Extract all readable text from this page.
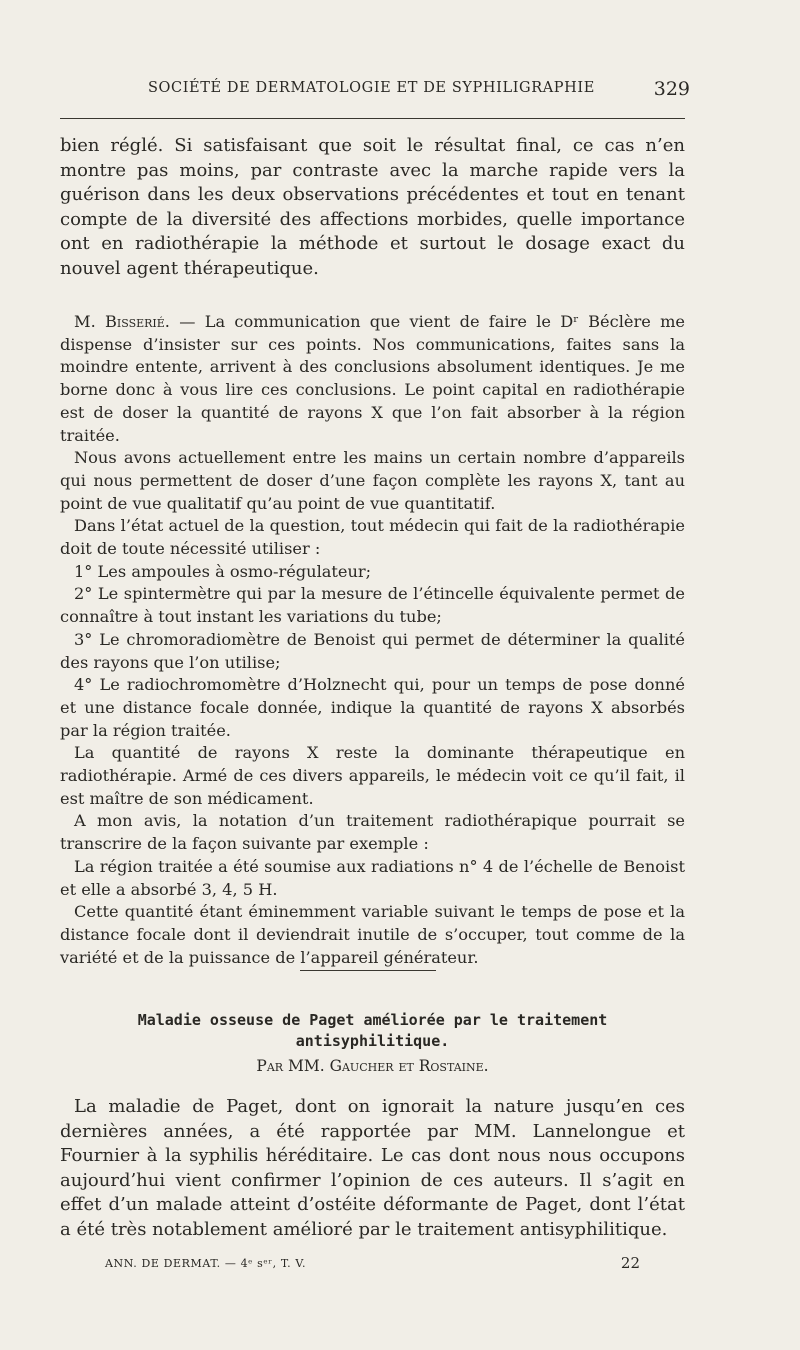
SOCIÉTÉ DE DERMATOLOGIE ET DE SYPHILIGRAPHIE	329

bien réglé. Si satisfaisant que soit le résultat final, ce cas n’en montre pas moins, par contraste avec la marche rapide vers la guérison dans les deux observations précédentes et tout en tenant compte de la diversité des affections morbides, quelle importance ont en radiothérapie la méthode et surtout le dosage exact du nouvel agent thérapeutique.

M. Bisserié. — La communication que vient de faire le Dʳ Béclère me dispense d’insister sur ces points. Nos communications, faites sans la moindre entente, arrivent à des conclusions absolument identiques. Je me borne donc à vous lire ces conclusions. Le point capital en radiothérapie est de doser la quantité de rayons X que l’on fait absorber à la région traitée.

Nous avons actuellement entre les mains un certain nombre d’appareils qui nous permettent de doser d’une façon complète les rayons X, tant au point de vue qualitatif qu’au point de vue quantitatif.

Dans l’état actuel de la question, tout médecin qui fait de la radiothérapie doit de toute nécessité utiliser :

1° Les ampoules à osmo-régulateur;

2° Le spintermètre qui par la mesure de l’étincelle équivalente permet de connaître à tout instant les variations du tube;

3° Le chromoradiomètre de Benoist qui permet de déterminer la qualité des rayons que l’on utilise;

4° Le radiochromomètre d’Holznecht qui, pour un temps de pose donné et une distance focale donnée, indique la quantité de rayons X absorbés par la région traitée.

La quantité de rayons X reste la dominante thérapeutique en radiothérapie. Armé de ces divers appareils, le médecin voit ce qu’il fait, il est maître de son médicament.

A mon avis, la notation d’un traitement radiothérapique pourrait se transcrire de la façon suivante par exemple :

La région traitée a été soumise aux radiations n° 4 de l’échelle de Benoist et elle a absorbé 3, 4, 5 H.

Cette quantité étant éminemment variable suivant le temps de pose et la distance focale dont il deviendrait inutile de s’occuper, tout comme de la variété et de la puissance de l’appareil générateur.

Maladie osseuse de Paget améliorée par le traitement antisyphilitique.
Par MM. Gaucher et Rostaine.

La maladie de Paget, dont on ignorait la nature jusqu’en ces dernières années, a été rapportée par MM. Lannelongue et Fournier à la syphilis héréditaire. Le cas dont nous nous occupons aujourd’hui vient confirmer l’opinion de ces auteurs. Il s’agit en effet d’un malade atteint d’ostéite déformante de Paget, dont l’état a été très notablement amélioré par le traitement antisyphilitique.

ANN. DE DERMAT. — 4ᵉ sᵉʳ, T. V.	22
